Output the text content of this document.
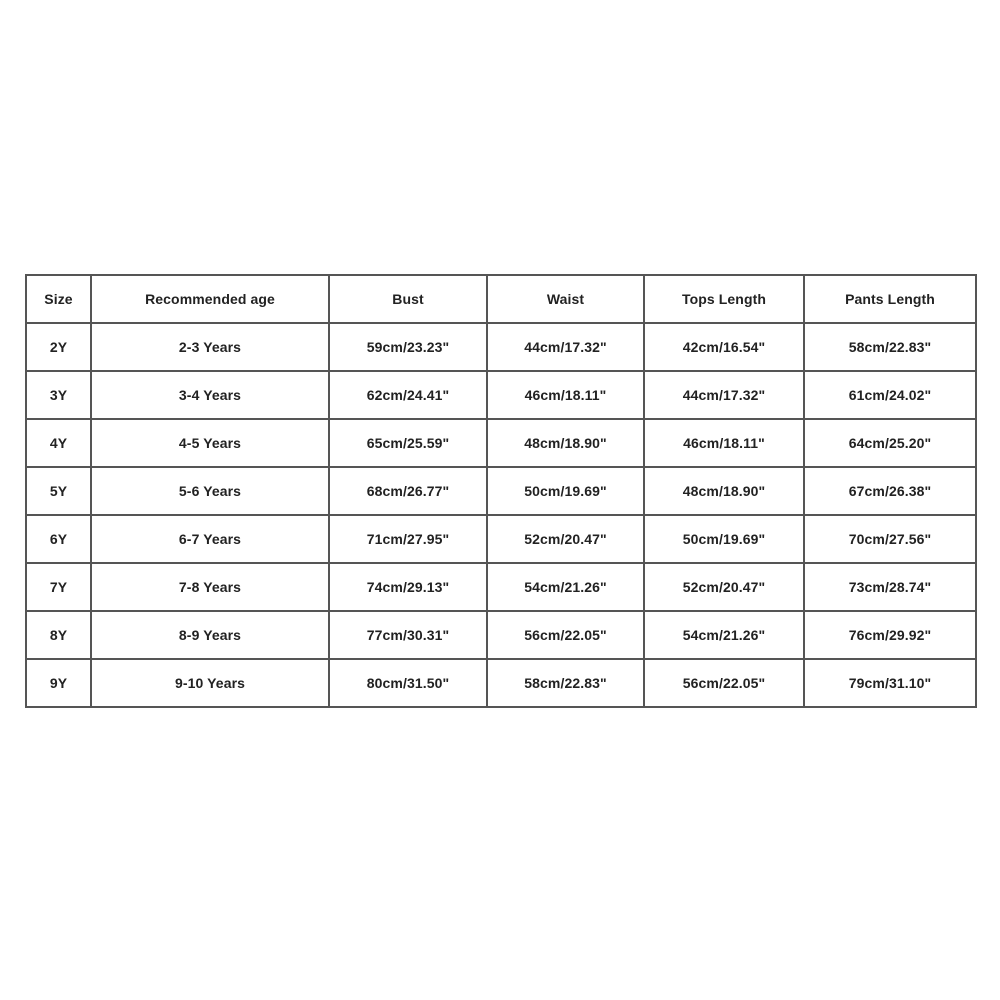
Size	Recommended age	Bust	Waist	Tops Length	Pants Length
2Y	2-3 Years	59cm/23.23"	44cm/17.32"	42cm/16.54"	58cm/22.83"
3Y	3-4 Years	62cm/24.41"	46cm/18.11"	44cm/17.32"	61cm/24.02"
4Y	4-5 Years	65cm/25.59"	48cm/18.90"	46cm/18.11"	64cm/25.20"
5Y	5-6 Years	68cm/26.77"	50cm/19.69"	48cm/18.90"	67cm/26.38"
6Y	6-7 Years	71cm/27.95"	52cm/20.47"	50cm/19.69"	70cm/27.56"
7Y	7-8 Years	74cm/29.13"	54cm/21.26"	52cm/20.47"	73cm/28.74"
8Y	8-9 Years	77cm/30.31"	56cm/22.05"	54cm/21.26"	76cm/29.92"
9Y	9-10 Years	80cm/31.50"	58cm/22.83"	56cm/22.05"	79cm/31.10"
